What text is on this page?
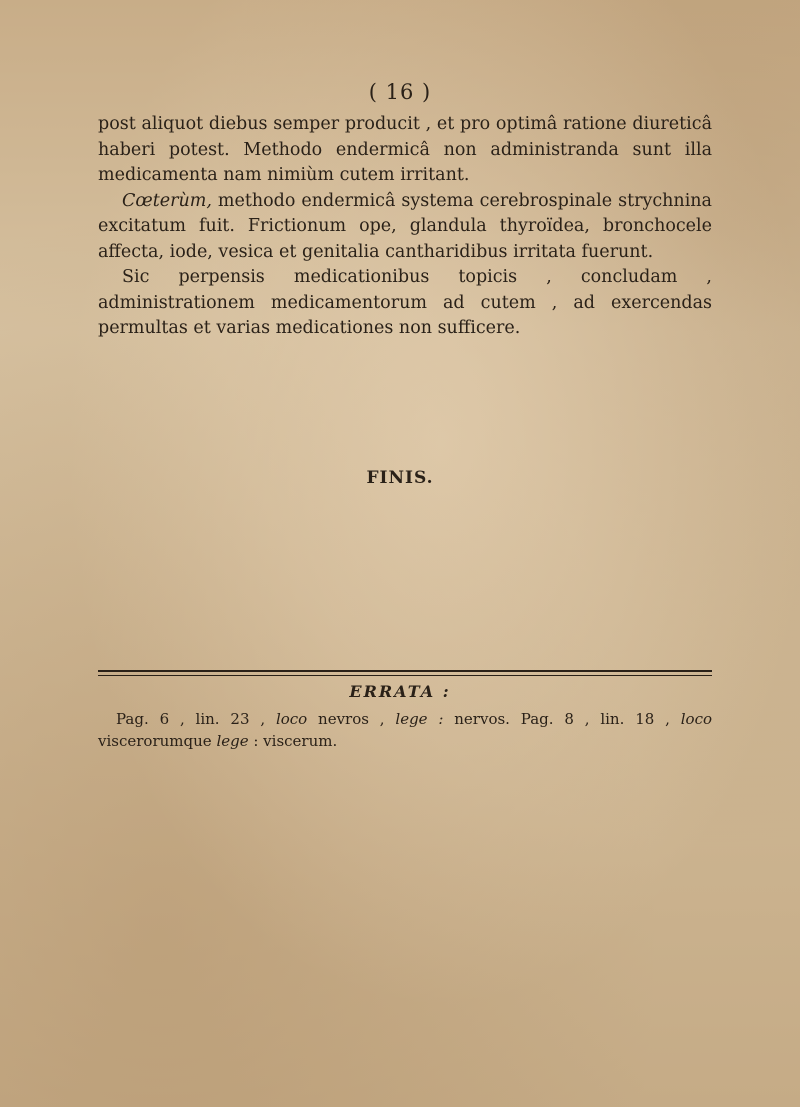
( 16 )

post aliquot diebus semper producit , et pro optimâ ratione diureticâ haberi potest. Methodo endermicâ non administranda sunt illa medicamenta nam nimiùm cutem irritant.

Cœterùm, methodo endermicâ systema cerebrospinale strychnina excitatum fuit. Frictionum ope, glandula thyroïdea, bronchocele affecta, iode, vesica et genitalia cantharidibus irritata fuerunt.

Sic perpensis medicationibus topicis , concludam , administrationem medicamentorum ad cutem , ad exercendas permultas et varias medicationes non sufficere.

FINIS.
ERRATA :
Pag. 6 , lin. 23 , loco nevros , lege : nervos. Pag. 8 , lin. 18 , loco viscerorumque lege : viscerum.
